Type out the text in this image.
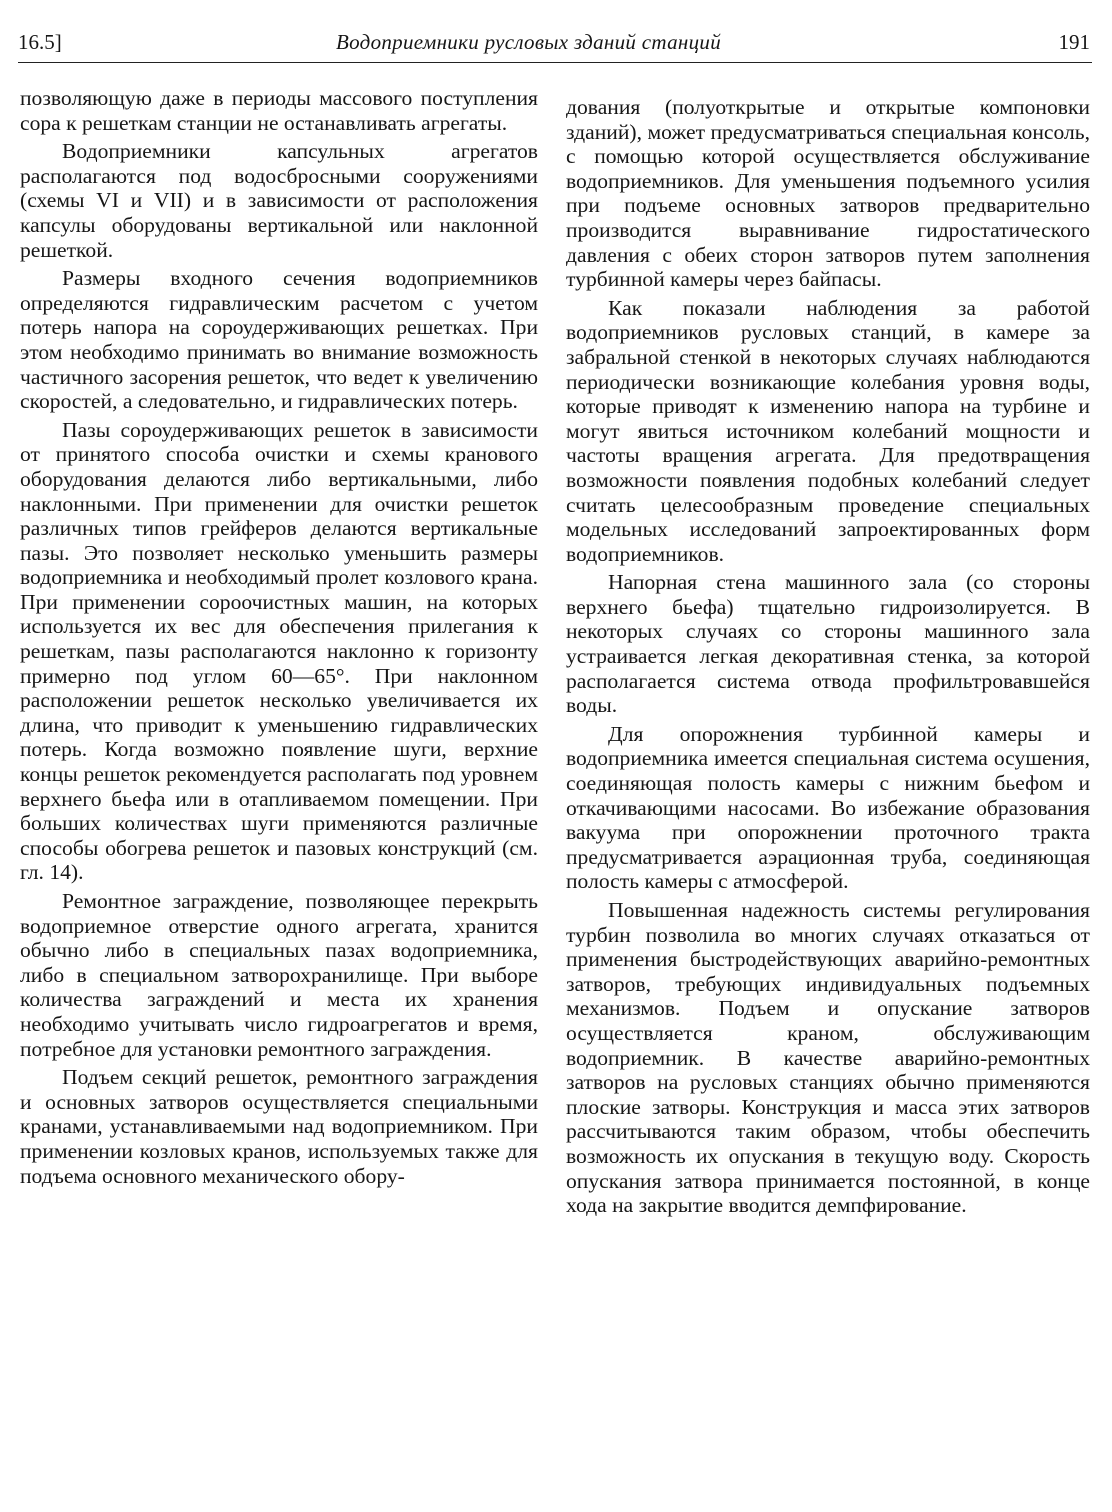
16.5]	Водоприемники русловых зданий станций	191

позволяющую даже в периоды массового поступления сора к решеткам станции не останавливать агрегаты.

Водоприемники капсульных агрегатов располагаются под водосбросными сооружениями (схемы VI и VII) и в зависимости от расположения капсулы оборудованы вертикальной или наклонной решеткой.

Размеры входного сечения водоприемников определяются гидравлическим расчетом с учетом потерь напора на сороудерживающих решетках. При этом необходимо принимать во внимание возможность частичного засорения решеток, что ведет к увеличению скоростей, а следовательно, и гидравлических потерь.

Пазы сороудерживающих решеток в зависимости от принятого способа очистки и схемы кранового оборудования делаются либо вертикальными, либо наклонными. При применении для очистки решеток различных типов грейферов делаются вертикальные пазы. Это позволяет несколько уменьшить размеры водоприемника и необходимый пролет козлового крана. При применении сороочистных машин, на которых используется их вес для обеспечения прилегания к решеткам, пазы располагаются наклонно к горизонту примерно под углом 60—65°. При наклонном расположении решеток несколько увеличивается их длина, что приводит к уменьшению гидравлических потерь. Когда возможно появление шуги, верхние концы решеток рекомендуется располагать под уровнем верхнего бьефа или в отапливаемом помещении. При больших количествах шуги применяются различные способы обогрева решеток и пазовых конструкций (см. гл. 14).

Ремонтное заграждение, позволяющее перекрыть водоприемное отверстие одного агрегата, хранится обычно либо в специальных пазах водоприемника, либо в специальном затворохранилище. При выборе количества заграждений и места их хранения необходимо учитывать число гидроагрегатов и время, потребное для установки ремонтного заграждения.

Подъем секций решеток, ремонтного заграждения и основных затворов осуществляется специальными кранами, устанавливаемыми над водоприемником. При применении козловых кранов, используемых также для подъема основного механического обору-

дования (полуоткрытые и открытые компоновки зданий), может предусматриваться специальная консоль, с помощью которой осуществляется обслуживание водоприемников. Для уменьшения подъемного усилия при подъеме основных затворов предварительно производится выравнивание гидростатического давления с обеих сторон затворов путем заполнения турбинной камеры через байпасы.

Как показали наблюдения за работой водоприемников русловых станций, в камере за забральной стенкой в некоторых случаях наблюдаются периодически возникающие колебания уровня воды, которые приводят к изменению напора на турбине и могут явиться источником колебаний мощности и частоты вращения агрегата. Для предотвращения возможности появления подобных колебаний следует считать целесообразным проведение специальных модельных исследований запроектированных форм водоприемников.

Напорная стена машинного зала (со стороны верхнего бьефа) тщательно гидроизолируется. В некоторых случаях со стороны машинного зала устраивается легкая декоративная стенка, за которой располагается система отвода профильтровавшейся воды.

Для опорожнения турбинной камеры и водоприемника имеется специальная система осушения, соединяющая полость камеры с нижним бьефом и откачивающими насосами. Во избежание образования вакуума при опорожнении проточного тракта предусматривается аэрационная труба, соединяющая полость камеры с атмосферой.

Повышенная надежность системы регулирования турбин позволила во многих случаях отказаться от применения быстродействующих аварийно-ремонтных затворов, требующих индивидуальных подъемных механизмов. Подъем и опускание затворов осуществляется краном, обслуживающим водоприемник. В качестве аварийно-ремонтных затворов на русловых станциях обычно применяются плоские затворы. Конструкция и масса этих затворов рассчитываются таким образом, чтобы обеспечить возможность их опускания в текущую воду. Скорость опускания затвора принимается постоянной, в конце хода на закрытие вводится демпфирование.
